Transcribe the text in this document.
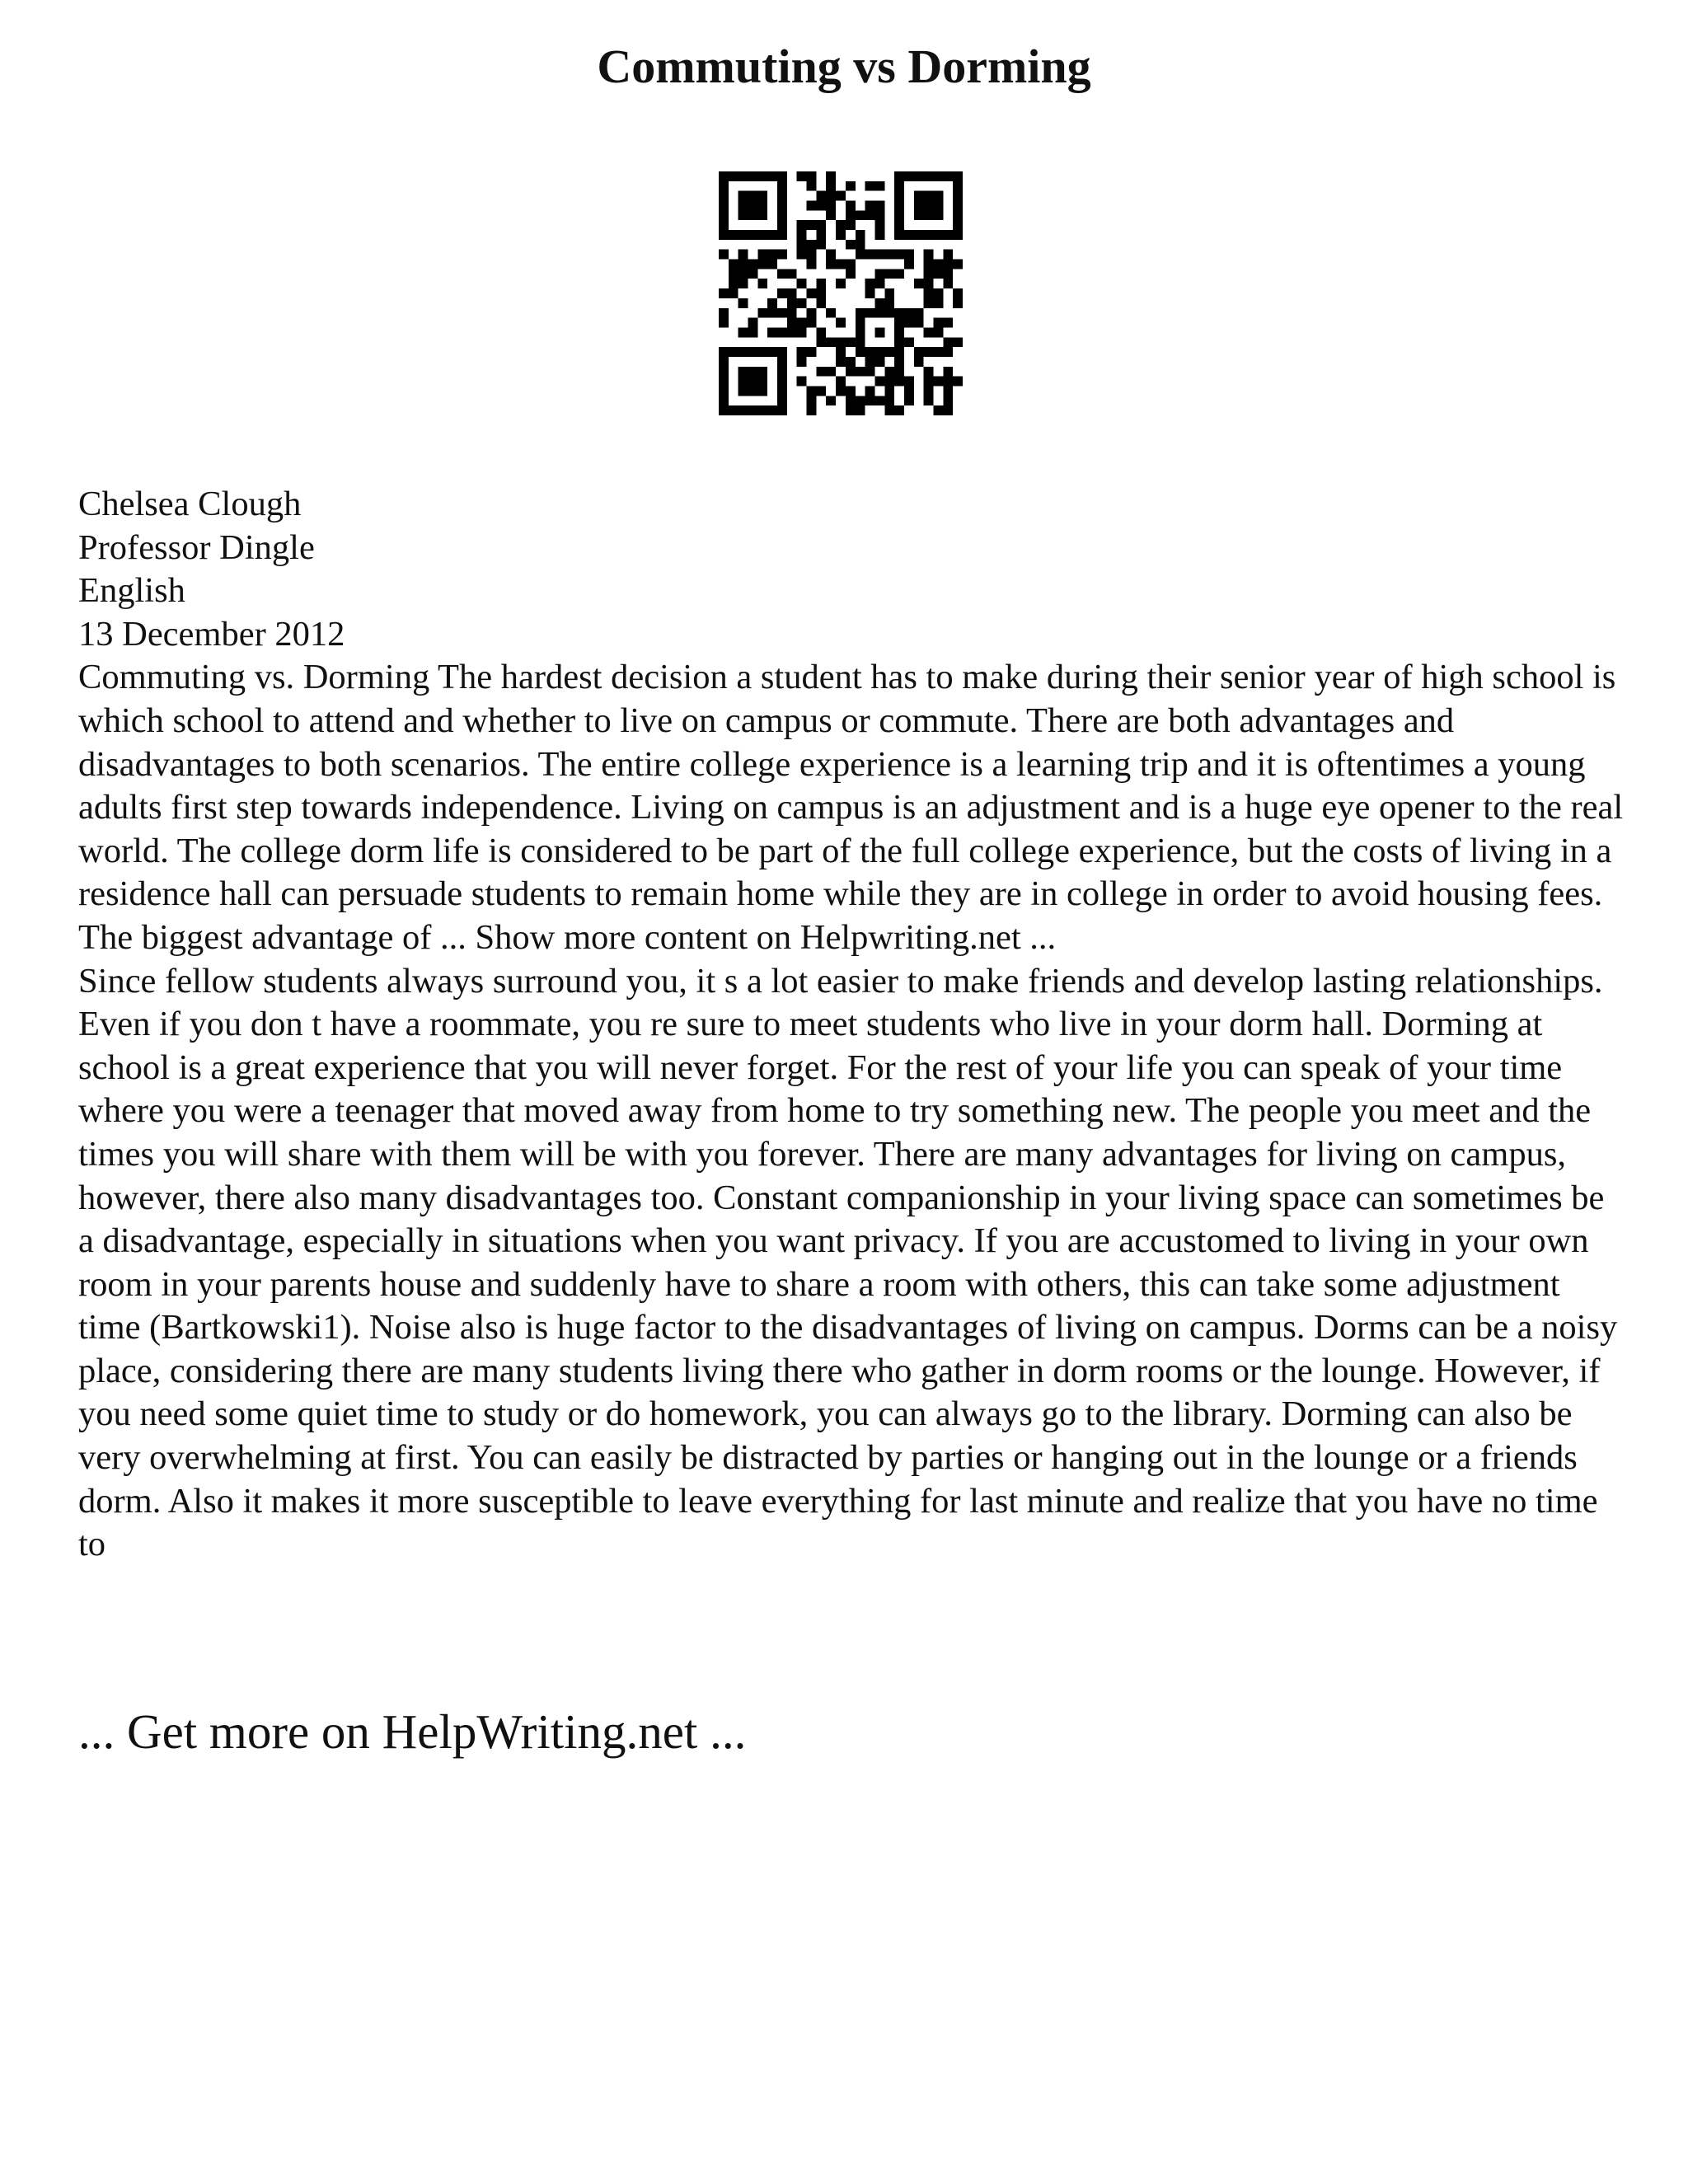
Commuting vs Dorming

Chelsea Clough

Professor Dingle

English

13 December 2012

Commuting vs. Dorming The hardest decision a student has to make during their senior year of high school is which school to attend and whether to live on campus or commute. There are both advantages and disadvantages to both scenarios. The entire college experience is a learning trip and it is oftentimes a young adults first step towards independence. Living on campus is an adjustment and is a huge eye opener to the real world. The college dorm life is considered to be part of the full college experience, but the costs of living in a residence hall can persuade students to remain home while they are in college in order to avoid housing fees. The biggest advantage of ... Show more content on Helpwriting.net ...

Since fellow students always surround you, it s a lot easier to make friends and develop lasting relationships. Even if you don t have a roommate, you re sure to meet students who live in your dorm hall. Dorming at school is a great experience that you will never forget. For the rest of your life you can speak of your time where you were a teenager that moved away from home to try something new. The people you meet and the times you will share with them will be with you forever. There are many advantages for living on campus, however, there also many disadvantages too. Constant companionship in your living space can sometimes be a disadvantage, especially in situations when you want privacy. If you are accustomed to living in your own room in your parents house and suddenly have to share a room with others, this can take some adjustment time (Bartkowski1). Noise also is huge factor to the disadvantages of living on campus. Dorms can be a noisy place, considering there are many students living there who gather in dorm rooms or the lounge. However, if you need some quiet time to study or do homework, you can always go to the library. Dorming can also be very overwhelming at first. You can easily be distracted by parties or hanging out in the lounge or a friends dorm. Also it makes it more susceptible to leave everything for last minute and realize that you have no time to

... Get more on HelpWriting.net ...
